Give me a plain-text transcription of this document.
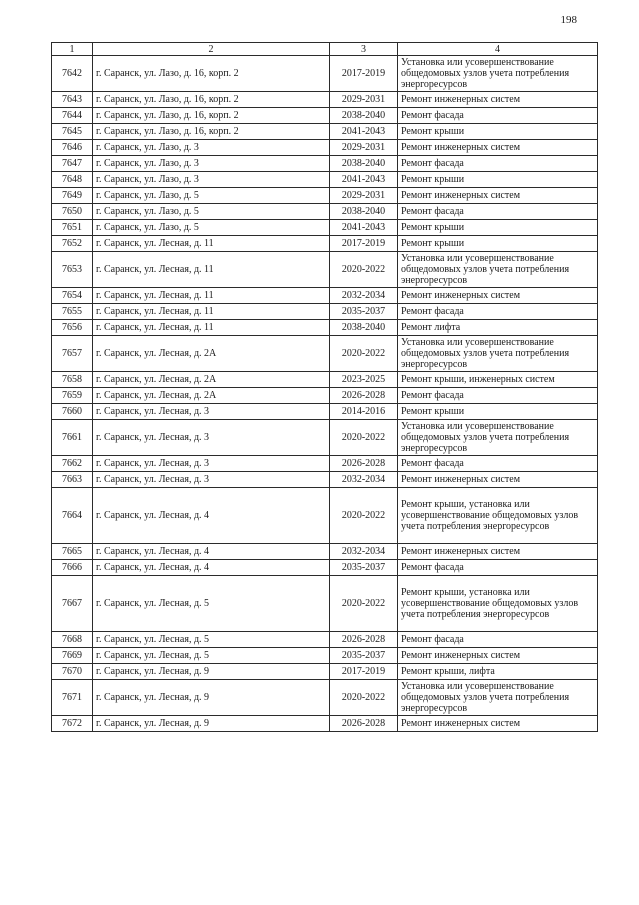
198
1	2	3	4
7642	г. Саранск, ул. Лазо, д. 16, корп. 2	2017-2019	Установка или усовершенствование общедомовых узлов учета потребления энергоресурсов
7643	г. Саранск, ул. Лазо, д. 16, корп. 2	2029-2031	Ремонт инженерных систем
7644	г. Саранск, ул. Лазо, д. 16, корп. 2	2038-2040	Ремонт фасада
7645	г. Саранск, ул. Лазо, д. 16, корп. 2	2041-2043	Ремонт крыши
7646	г. Саранск, ул. Лазо, д. 3	2029-2031	Ремонт инженерных систем
7647	г. Саранск, ул. Лазо, д. 3	2038-2040	Ремонт фасада
7648	г. Саранск, ул. Лазо, д. 3	2041-2043	Ремонт крыши
7649	г. Саранск, ул. Лазо, д. 5	2029-2031	Ремонт инженерных систем
7650	г. Саранск, ул. Лазо, д. 5	2038-2040	Ремонт фасада
7651	г. Саранск, ул. Лазо, д. 5	2041-2043	Ремонт крыши
7652	г. Саранск, ул. Лесная, д. 11	2017-2019	Ремонт крыши
7653	г. Саранск, ул. Лесная, д. 11	2020-2022	Установка или усовершенствование общедомовых узлов учета потребления энергоресурсов
7654	г. Саранск, ул. Лесная, д. 11	2032-2034	Ремонт инженерных систем
7655	г. Саранск, ул. Лесная, д. 11	2035-2037	Ремонт фасада
7656	г. Саранск, ул. Лесная, д. 11	2038-2040	Ремонт лифта
7657	г. Саранск, ул. Лесная, д. 2А	2020-2022	Установка или усовершенствование общедомовых узлов учета потребления энергоресурсов
7658	г. Саранск, ул. Лесная, д. 2А	2023-2025	Ремонт крыши, инженерных систем
7659	г. Саранск, ул. Лесная, д. 2А	2026-2028	Ремонт фасада
7660	г. Саранск, ул. Лесная, д. 3	2014-2016	Ремонт крыши
7661	г. Саранск, ул. Лесная, д. 3	2020-2022	Установка или усовершенствование общедомовых узлов учета потребления энергоресурсов
7662	г. Саранск, ул. Лесная, д. 3	2026-2028	Ремонт фасада
7663	г. Саранск, ул. Лесная, д. 3	2032-2034	Ремонт инженерных систем
7664	г. Саранск, ул. Лесная, д. 4	2020-2022	Ремонт крыши, установка или усовершенствование общедомовых узлов учета потребления энергоресурсов
7665	г. Саранск, ул. Лесная, д. 4	2032-2034	Ремонт инженерных систем
7666	г. Саранск, ул. Лесная, д. 4	2035-2037	Ремонт фасада
7667	г. Саранск, ул. Лесная, д. 5	2020-2022	Ремонт крыши, установка или усовершенствование общедомовых узлов учета потребления энергоресурсов
7668	г. Саранск, ул. Лесная, д. 5	2026-2028	Ремонт фасада
7669	г. Саранск, ул. Лесная, д. 5	2035-2037	Ремонт инженерных систем
7670	г. Саранск, ул. Лесная, д. 9	2017-2019	Ремонт крыши, лифта
7671	г. Саранск, ул. Лесная, д. 9	2020-2022	Установка или усовершенствование общедомовых узлов учета потребления энергоресурсов
7672	г. Саранск, ул. Лесная, д. 9	2026-2028	Ремонт инженерных систем
